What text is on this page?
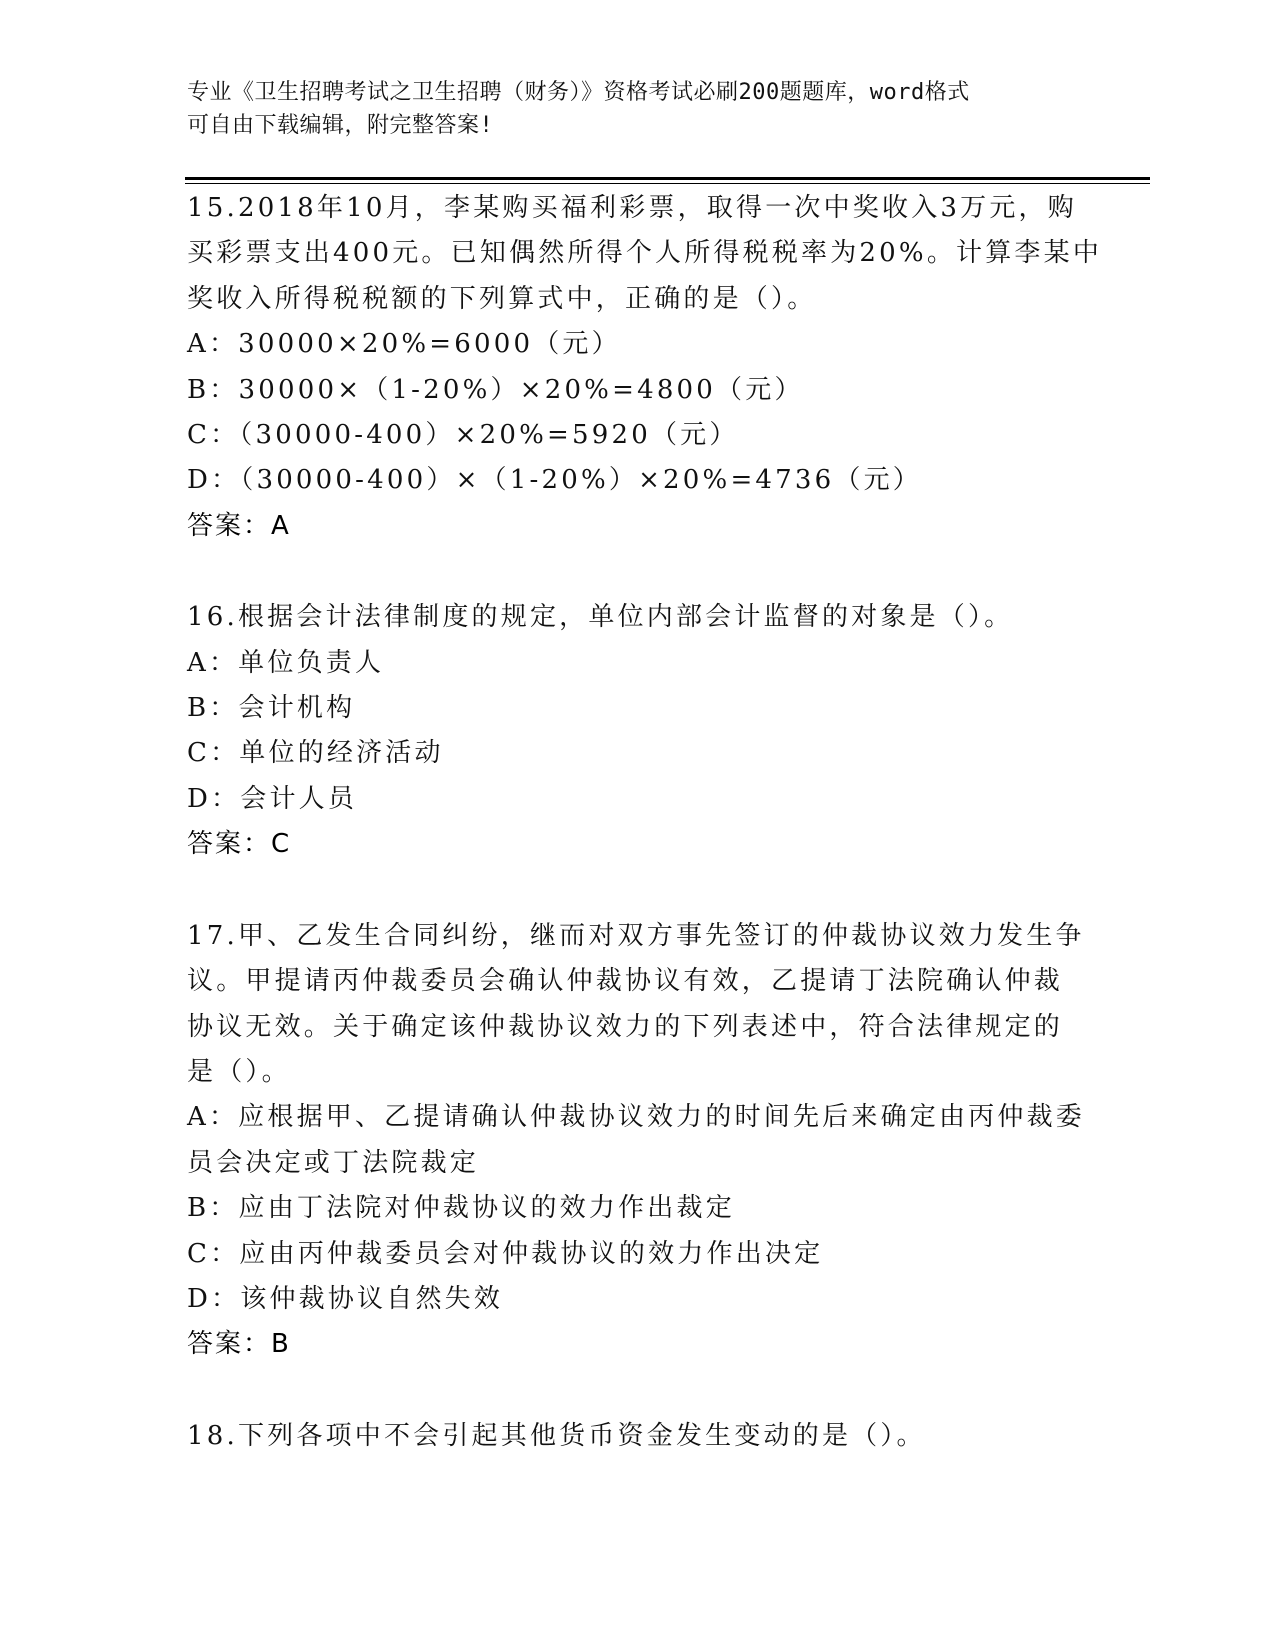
专业《卫生招聘考试之卫生招聘（财务）》资格考试必刷200题题库，word格式
可自由下载编辑，附完整答案!
15.2018年10月，李某购买福利彩票，取得一次中奖收入3万元，购
买彩票支出400元。已知偶然所得个人所得税税率为20%。计算李某中
奖收入所得税税额的下列算式中，正确的是（）。
A：30000×20%=6000（元）
B：30000×（1-20%）×20%=4800（元）
C：（30000-400）×20%=5920（元）
D：（30000-400）×（1-20%）×20%=4736（元）
答案：A
16.根据会计法律制度的规定，单位内部会计监督的对象是（）。
A：单位负责人
B：会计机构
C：单位的经济活动
D：会计人员
答案：C
17.甲、乙发生合同纠纷，继而对双方事先签订的仲裁协议效力发生争
议。甲提请丙仲裁委员会确认仲裁协议有效，乙提请丁法院确认仲裁
协议无效。关于确定该仲裁协议效力的下列表述中，符合法律规定的
是（）。
A：应根据甲、乙提请确认仲裁协议效力的时间先后来确定由丙仲裁委
员会决定或丁法院裁定
B：应由丁法院对仲裁协议的效力作出裁定
C：应由丙仲裁委员会对仲裁协议的效力作出决定
D：该仲裁协议自然失效
答案：B
18.下列各项中不会引起其他货币资金发生变动的是（）。
